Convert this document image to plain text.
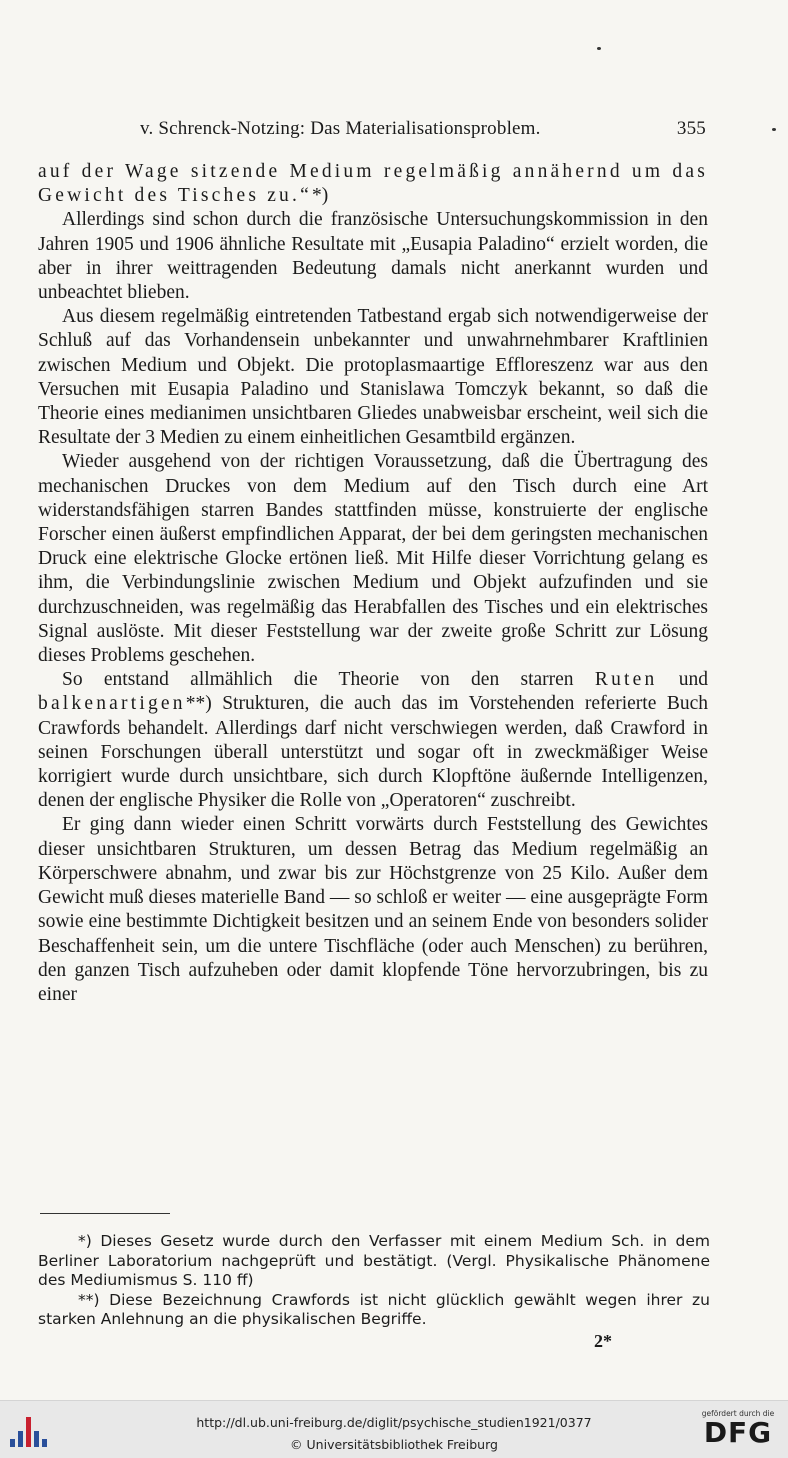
v. Schrenck-Notzing: Das Materialisationsproblem.	355

auf der Wage sitzende Medium regelmäßig annähernd um das Gewicht des Tisches zu.“*)

Allerdings sind schon durch die französische Untersuchungskommission in den Jahren 1905 und 1906 ähnliche Resultate mit „Eusapia Paladino“ erzielt worden, die aber in ihrer weittragenden Bedeutung damals nicht anerkannt wurden und unbeachtet blieben.

Aus diesem regelmäßig eintretenden Tatbestand ergab sich notwendigerweise der Schluß auf das Vorhandensein unbekannter und unwahrnehmbarer Kraftlinien zwischen Medium und Objekt. Die protoplasmaartige Effloreszenz war aus den Versuchen mit Eusapia Paladino und Stanislawa Tomczyk bekannt, so daß die Theorie eines medianimen unsichtbaren Gliedes unabweisbar erscheint, weil sich die Resultate der 3 Medien zu einem einheitlichen Gesamtbild ergänzen.

Wieder ausgehend von der richtigen Voraussetzung, daß die Übertragung des mechanischen Druckes von dem Medium auf den Tisch durch eine Art widerstandsfähigen starren Bandes stattfinden müsse, konstruierte der englische Forscher einen äußerst empfindlichen Apparat, der bei dem geringsten mechanischen Druck eine elektrische Glocke ertönen ließ. Mit Hilfe dieser Vorrichtung gelang es ihm, die Verbindungslinie zwischen Medium und Objekt aufzufinden und sie durchzuschneiden, was regelmäßig das Herabfallen des Tisches und ein elektrisches Signal auslöste. Mit dieser Feststellung war der zweite große Schritt zur Lösung dieses Problems geschehen.

So entstand allmählich die Theorie von den starren Ruten und balkenartigen**) Strukturen, die auch das im Vorstehenden referierte Buch Crawfords behandelt. Allerdings darf nicht verschwiegen werden, daß Crawford in seinen Forschungen überall unterstützt und sogar oft in zweckmäßiger Weise korrigiert wurde durch unsichtbare, sich durch Klopftöne äußernde Intelligenzen, denen der englische Physiker die Rolle von „Operatoren“ zuschreibt.

Er ging dann wieder einen Schritt vorwärts durch Feststellung des Gewichtes dieser unsichtbaren Strukturen, um dessen Betrag das Medium regelmäßig an Körperschwere abnahm, und zwar bis zur Höchstgrenze von 25 Kilo. Außer dem Gewicht muß dieses materielle Band — so schloß er weiter — eine ausgeprägte Form sowie eine bestimmte Dichtigkeit besitzen und an seinem Ende von besonders solider Beschaffenheit sein, um die untere Tischfläche (oder auch Menschen) zu berühren, den ganzen Tisch aufzuheben oder damit klopfende Töne hervorzubringen, bis zu einer

*) Dieses Gesetz wurde durch den Verfasser mit einem Medium Sch. in dem Berliner Laboratorium nachgeprüft und bestätigt. (Vergl. Physikalische Phänomene des Mediumismus S. 110 ff)

**) Diese Bezeichnung Crawfords ist nicht glücklich gewählt wegen ihrer zu starken Anlehnung an die physikalischen Begriffe.

2*
http://dl.ub.uni-freiburg.de/diglit/psychische_studien1921/0377
© Universitätsbibliothek Freiburg
gefördert durch die
DFG
